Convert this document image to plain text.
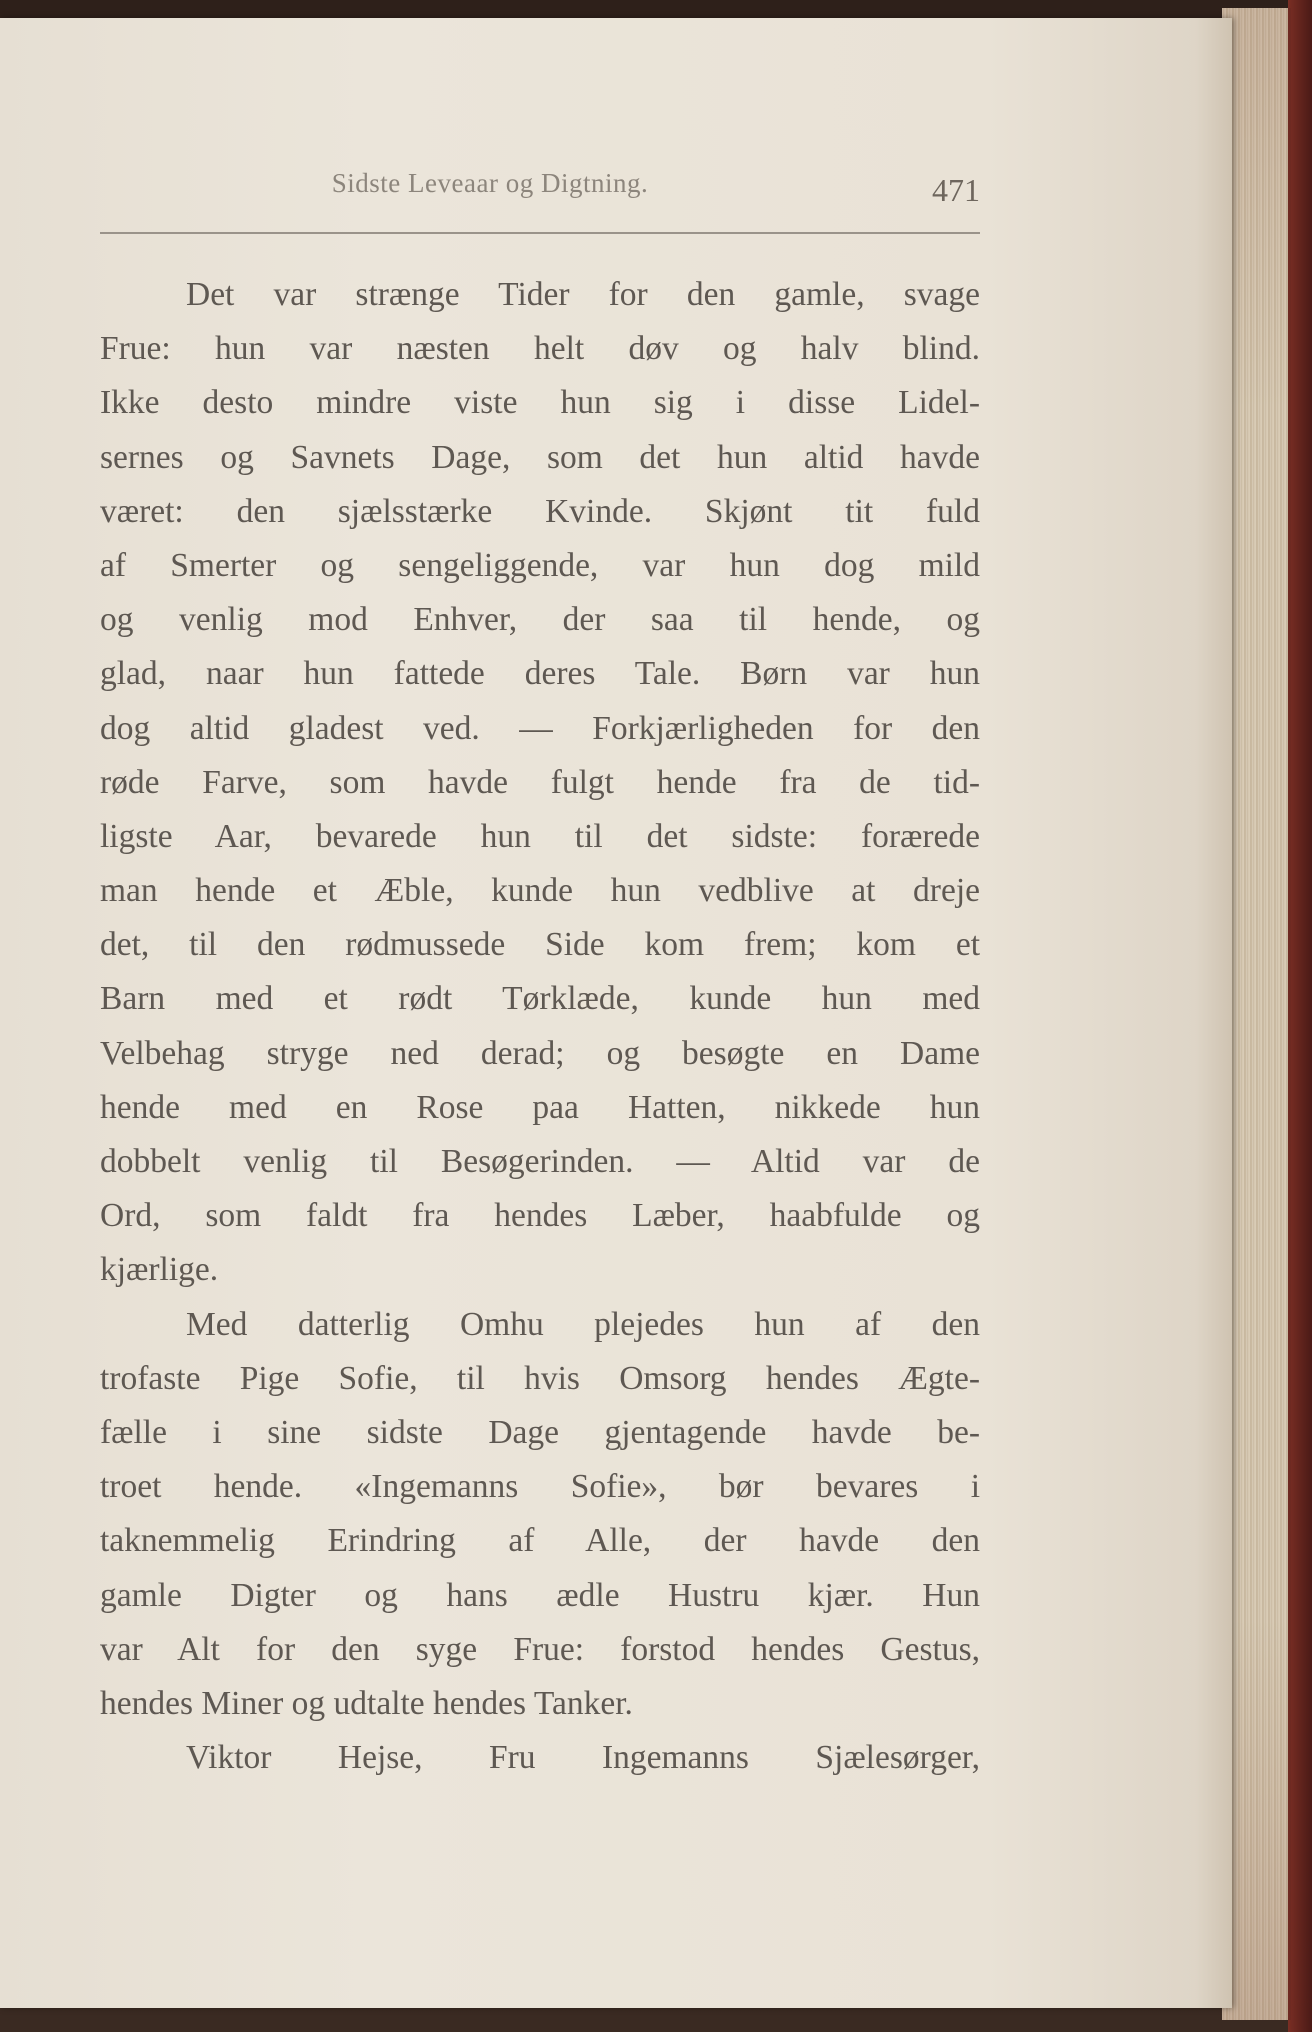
Sidste Leveaar og Digtning.	471
Det var strænge Tider for den gamle, svage
Frue: hun var næsten helt døv og halv blind.
Ikke desto mindre viste hun sig i disse Lidel-
sernes og Savnets Dage, som det hun altid havde
været: den sjælsstærke Kvinde. Skjønt tit fuld
af Smerter og sengeliggende, var hun dog mild
og venlig mod Enhver, der saa til hende, og
glad, naar hun fattede deres Tale. Børn var hun
dog altid gladest ved. — Forkjærligheden for den
røde Farve, som havde fulgt hende fra de tid-
ligste Aar, bevarede hun til det sidste: forærede
man hende et Æble, kunde hun vedblive at dreje
det, til den rødmussede Side kom frem; kom et
Barn med et rødt Tørklæde, kunde hun med
Velbehag stryge ned derad; og besøgte en Dame
hende med en Rose paa Hatten, nikkede hun
dobbelt venlig til Besøgerinden. — Altid var de
Ord, som faldt fra hendes Læber, haabfulde og
kjærlige.
Med datterlig Omhu plejedes hun af den
trofaste Pige Sofie, til hvis Omsorg hendes Ægte-
fælle i sine sidste Dage gjentagende havde be-
troet hende. «Ingemanns Sofie», bør bevares i
taknemmelig Erindring af Alle, der havde den
gamle Digter og hans ædle Hustru kjær. Hun
var Alt for den syge Frue: forstod hendes Gestus,
hendes Miner og udtalte hendes Tanker.
Viktor Hejse, Fru Ingemanns Sjælesørger,
